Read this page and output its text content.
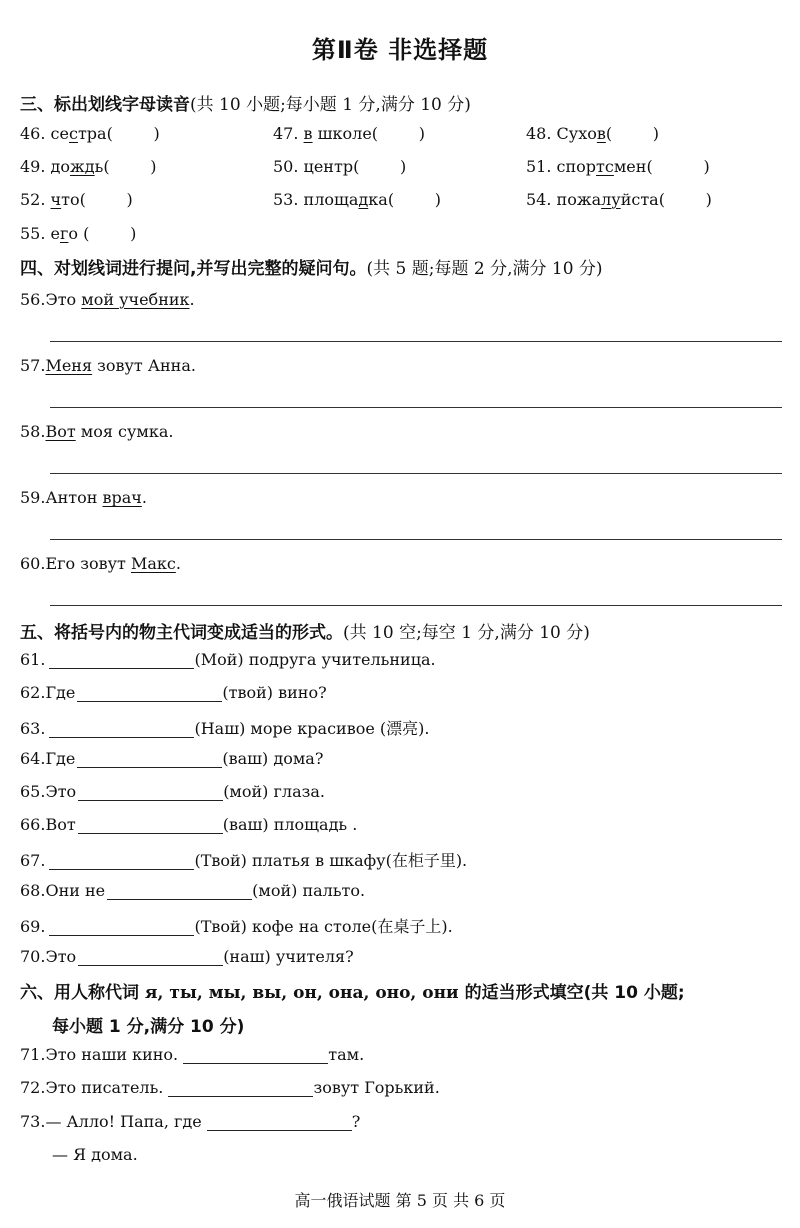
第Ⅱ卷 非选择题
三、标出划线字母读音(共 10 小题;每小题 1 分,满分 10 分)
46. сестра(        )	47. в школе(        )	48. Сухов(        )
49. дождь(        )	50. центр(        )	51. спортсмен(          )
52. что(        )	53. площадка(        )	54. пожалуйста(        )
55. его (        )
四、对划线词进行提问,并写出完整的疑问句。(共 5 题;每题 2 分,满分 10 分)
56.Это мой учебник.
57.Меня зовут Анна.
58.Вот моя сумка.
59.Антон врач.
60.Его зовут Макс.
五、将括号内的物主代词变成适当的形式。(共 10 空;每空 1 分,满分 10 分)
61.	(Мой) подруга учительница.
62.Где	(твой) вино?
63.	(Наш) море красивое (漂亮).
64.Где	(ваш) дома?
65.Это	(мой) глаза.
66.Вот	(ваш) площадь .
67.	(Твой) платья в шкафу(在柜子里).
68.Они не	(мой) пальто.
69.	(Твой) кофе на столе(在桌子上).
70.Это	(наш) учителя?
六、用人称代词 я, ты, мы, вы, он, она, оно, они 的适当形式填空(共 10 小题;
每小题 1 分,满分 10 分)
71.Это наши кино.	там.
72.Это писатель.	зовут Горький.
73.— Алло! Папа, где	?
— Я дома.
高一俄语试题 第 5 页 共 6 页
